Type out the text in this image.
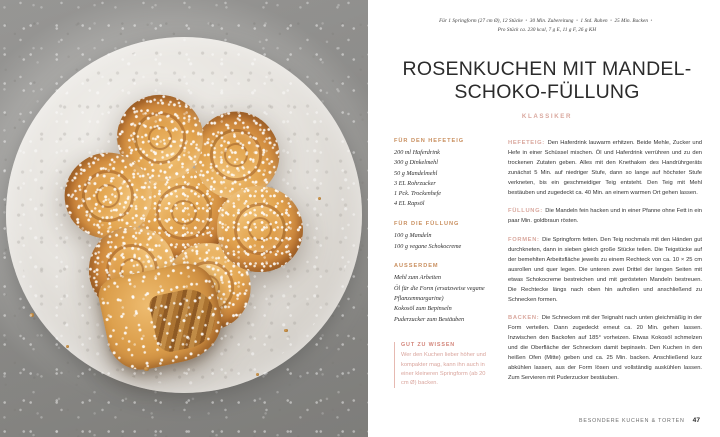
Für 1 Springform (27 cm Ø), 12 Stücke • 30 Min. Zubereitung • 1 Std. Ruhen • 25 Min. Backen •
Pro Stück ca. 230 kcal, 7 g E, 11 g F, 26 g KH
ROSENKUCHEN MIT MANDEL-
SCHOKO-FÜLLUNG
KLASSIKER
FÜR DEN HEFETEIG
200 ml Haferdrink
300 g Dinkelmehl
50 g Mandelmehl
3 EL Rohrzucker
1 Pck. Trockenhefe
4 EL Rapsöl
FÜR DIE FÜLLUNG
100 g Mandeln
100 g vegane Schokocreme
AUSSERDEM
Mehl zum Arbeiten
Öl für die Form (ersatzweise vegane Pflanzenmargarine)
Kokosöl zum Bepinseln
Puderzucker zum Bestäuben
GUT ZU WISSEN
Wer den Kuchen lieber höher und kompakter mag, kann ihn auch in einer kleineren Springform (ab 20 cm Ø) backen.

HEFETEIG: Den Haferdrink lauwarm erhitzen. Beide Mehle, Zucker und Hefe in einer Schüssel mischen. Öl und Haferdrink verrühren und zu den trockenen Zutaten geben. Alles mit den Knethaken des Handrührgeräts zunächst 5 Min. auf niedriger Stufe, dann so lange auf höchster Stufe verkneten, bis ein geschmeidiger Teig entsteht. Den Teig mit Mehl bestäuben und zugedeckt ca. 40 Min. an einem warmen Ort gehen lassen.

FÜLLUNG: Die Mandeln fein hacken und in einer Pfanne ohne Fett in ein paar Min. goldbraun rösten.

FORMEN: Die Springform fetten. Den Teig nochmals mit den Händen gut durchkneten, dann in sieben gleich große Stücke teilen. Die Teigstücke auf der bemehlten Arbeitsfläche jeweils zu einem Rechteck von ca. 10 × 25 cm ausrollen und quer legen. Die unteren zwei Drittel der langen Seiten mit etwas Schokocreme bestreichen und mit gerösteten Mandeln bestreuen. Die Rechtecke längs nach oben hin aufrollen und anschließend zu Schnecken formen.

BACKEN: Die Schnecken mit der Teignaht nach unten gleichmäßig in der Form verteilen. Dann zugedeckt erneut ca. 20 Min. gehen lassen. Inzwischen den Backofen auf 185° vorheizen. Etwas Kokosöl schmelzen und die Oberfläche der Schnecken damit bepinseln. Den Kuchen in den heißen Ofen (Mitte) geben und ca. 25 Min. backen. Anschließend kurz abkühlen lassen, aus der Form lösen und vollständig auskühlen lassen. Zum Servieren mit Puderzucker bestäuben.

BESONDERE KUCHEN & TORTEN 47
